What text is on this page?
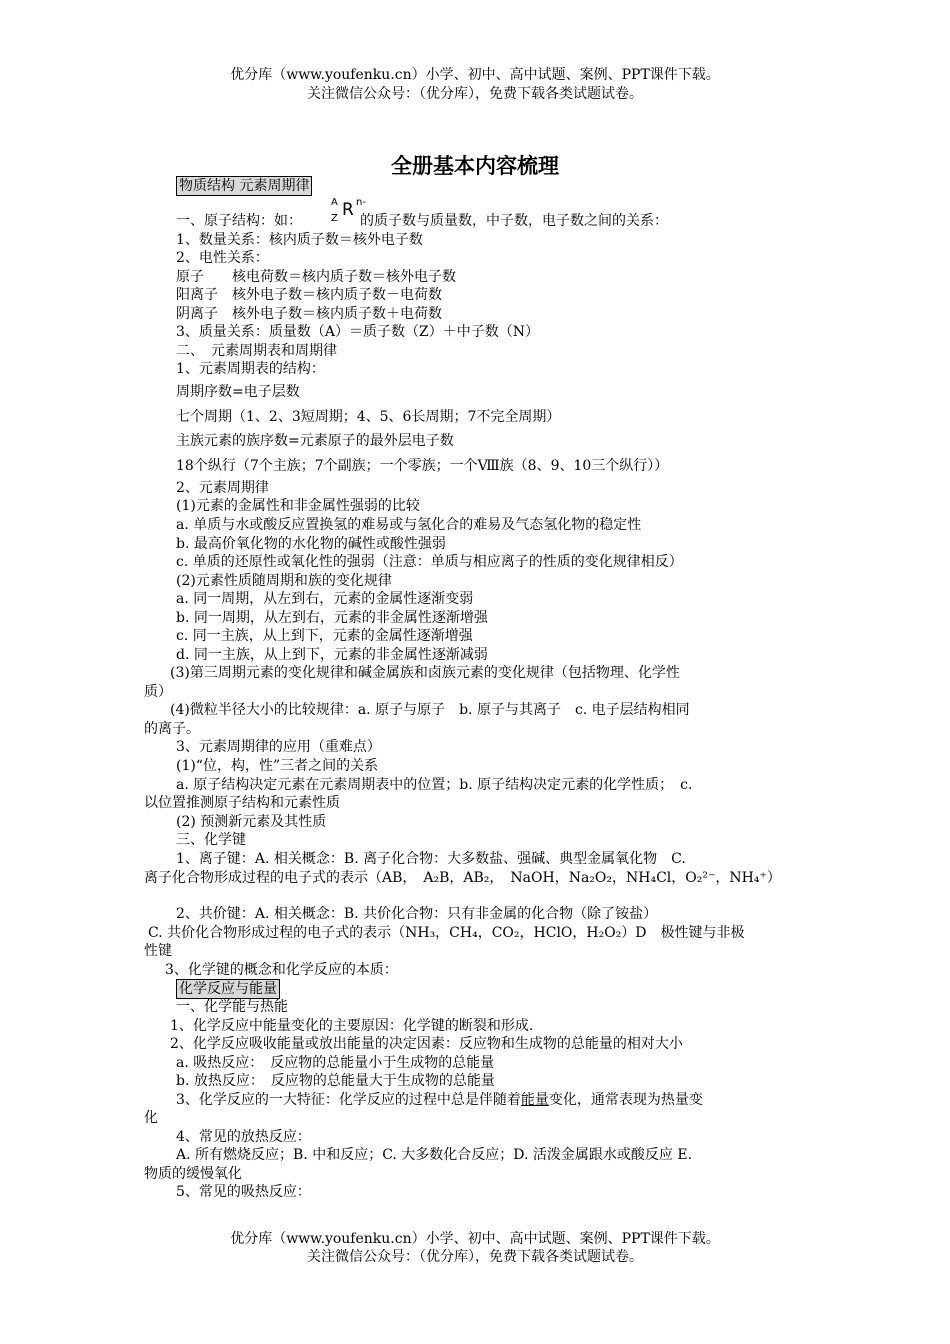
优分库（www.youfenku.cn）小学、初中、高中试题、案例、PPT课件下载。
关注微信公众号：（优分库），免费下载各类试题试卷。
全册基本内容梳理
物质结构 元素周期律
一、原子结构：如：	的质子数与质量数，中子数，电子数之间的关系：
A
Z R n-
1、数量关系：核内质子数＝核外电子数
2、电性关系：
原子　　核电荷数＝核内质子数＝核外电子数
阳离子　核外电子数＝核内质子数－电荷数
阴离子　核外电子数＝核内质子数＋电荷数
3、质量关系：质量数（A）＝质子数（Z）＋中子数（N）
二、　元素周期表和周期律
1、元素周期表的结构：
周期序数=电子层数
七个周期（1、2、3短周期；4、5、6长周期；7不完全周期）
主族元素的族序数=元素原子的最外层电子数
18个纵行（7个主族；7个副族；一个零族；一个Ⅷ族（8、9、10三个纵行））
2、元素周期律
(1)元素的金属性和非金属性强弱的比较
a. 单质与水或酸反应置换氢的难易或与氢化合的难易及气态氢化物的稳定性
b. 最高价氧化物的水化物的碱性或酸性强弱
c. 单质的还原性或氧化性的强弱（注意：单质与相应离子的性质的变化规律相反）
(2)元素性质随周期和族的变化规律
a. 同一周期，从左到右，元素的金属性逐渐变弱
b. 同一周期，从左到右，元素的非金属性逐渐增强
c. 同一主族，从上到下，元素的金属性逐渐增强
d. 同一主族，从上到下，元素的非金属性逐渐减弱
(3)第三周期元素的变化规律和碱金属族和卤族元素的变化规律（包括物理、化学性
质）
(4)微粒半径大小的比较规律：a. 原子与原子　b. 原子与其离子　c. 电子层结构相同
的离子。
3、元素周期律的应用（重难点）
(1)“位，构，性”三者之间的关系
a. 原子结构决定元素在元素周期表中的位置；b. 原子结构决定元素的化学性质；　c.
以位置推测原子结构和元素性质
(2) 预测新元素及其性质
三、化学键
1、离子键：A. 相关概念：B. 离子化合物：大多数盐、强碱、典型金属氧化物　C.
离子化合物形成过程的电子式的表示（AB，　A₂B，AB₂，　NaOH，Na₂O₂，NH₄Cl，O₂²⁻，NH₄⁺）
2、共价键：A. 相关概念：B. 共价化合物：只有非金属的化合物（除了铵盐）
C. 共价化合物形成过程的电子式的表示（NH₃，CH₄，CO₂，HClO，H₂O₂）D　极性键与非极
性键
3、化学键的概念和化学反应的本质：
化学反应与能量
一、化学能与热能
1、化学反应中能量变化的主要原因：化学键的断裂和形成.
2、化学反应吸收能量或放出能量的决定因素：反应物和生成物的总能量的相对大小
a. 吸热反应：　反应物的总能量小于生成物的总能量
b. 放热反应：　反应物的总能量大于生成物的总能量
3、化学反应的一大特征：化学反应的过程中总是伴随着能量变化，通常表现为热量变
化
4、常见的放热反应：
A. 所有燃烧反应；B. 中和反应；C. 大多数化合反应；D. 活泼金属跟水或酸反应 E.
物质的缓慢氧化
5、常见的吸热反应：
优分库（www.youfenku.cn）小学、初中、高中试题、案例、PPT课件下载。
关注微信公众号：（优分库），免费下载各类试题试卷。
